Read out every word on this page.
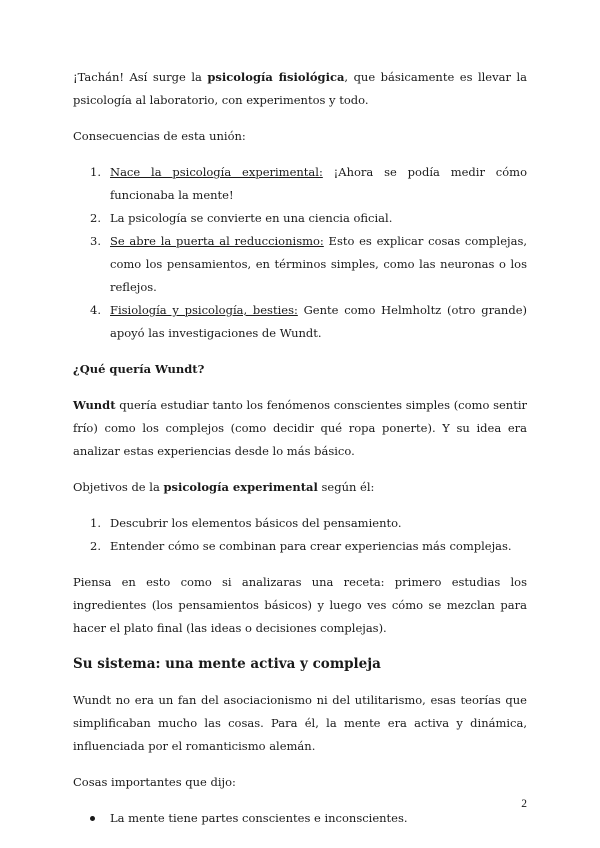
¡Tachán! Así surge la psicología fisiológica, que básicamente es llevar la psicología al laboratorio, con experimentos y todo.

Consecuencias de esta unión:

1. Nace la psicología experimental: ¡Ahora se podía medir cómo funcionaba la mente!
2. La psicología se convierte en una ciencia oficial.
3. Se abre la puerta al reduccionismo: Esto es explicar cosas complejas, como los pensamientos, en términos simples, como las neuronas o los reflejos.
4. Fisiología y psicología, besties: Gente como Helmholtz (otro grande) apoyó las investigaciones de Wundt.

¿Qué quería Wundt?

Wundt quería estudiar tanto los fenómenos conscientes simples (como sentir frío) como los complejos (como decidir qué ropa ponerte). Y su idea era analizar estas experiencias desde lo más básico.

Objetivos de la psicología experimental según él:

1. Descubrir los elementos básicos del pensamiento.
2. Entender cómo se combinan para crear experiencias más complejas.

Piensa en esto como si analizaras una receta: primero estudias los ingredientes (los pensamientos básicos) y luego ves cómo se mezclan para hacer el plato final (las ideas o decisiones complejas).

Su sistema: una mente activa y compleja

Wundt no era un fan del asociacionismo ni del utilitarismo, esas teorías que simplificaban mucho las cosas. Para él, la mente era activa y dinámica, influenciada por el romanticismo alemán.

Cosas importantes que dijo:

La mente tiene partes conscientes e inconscientes.
2
